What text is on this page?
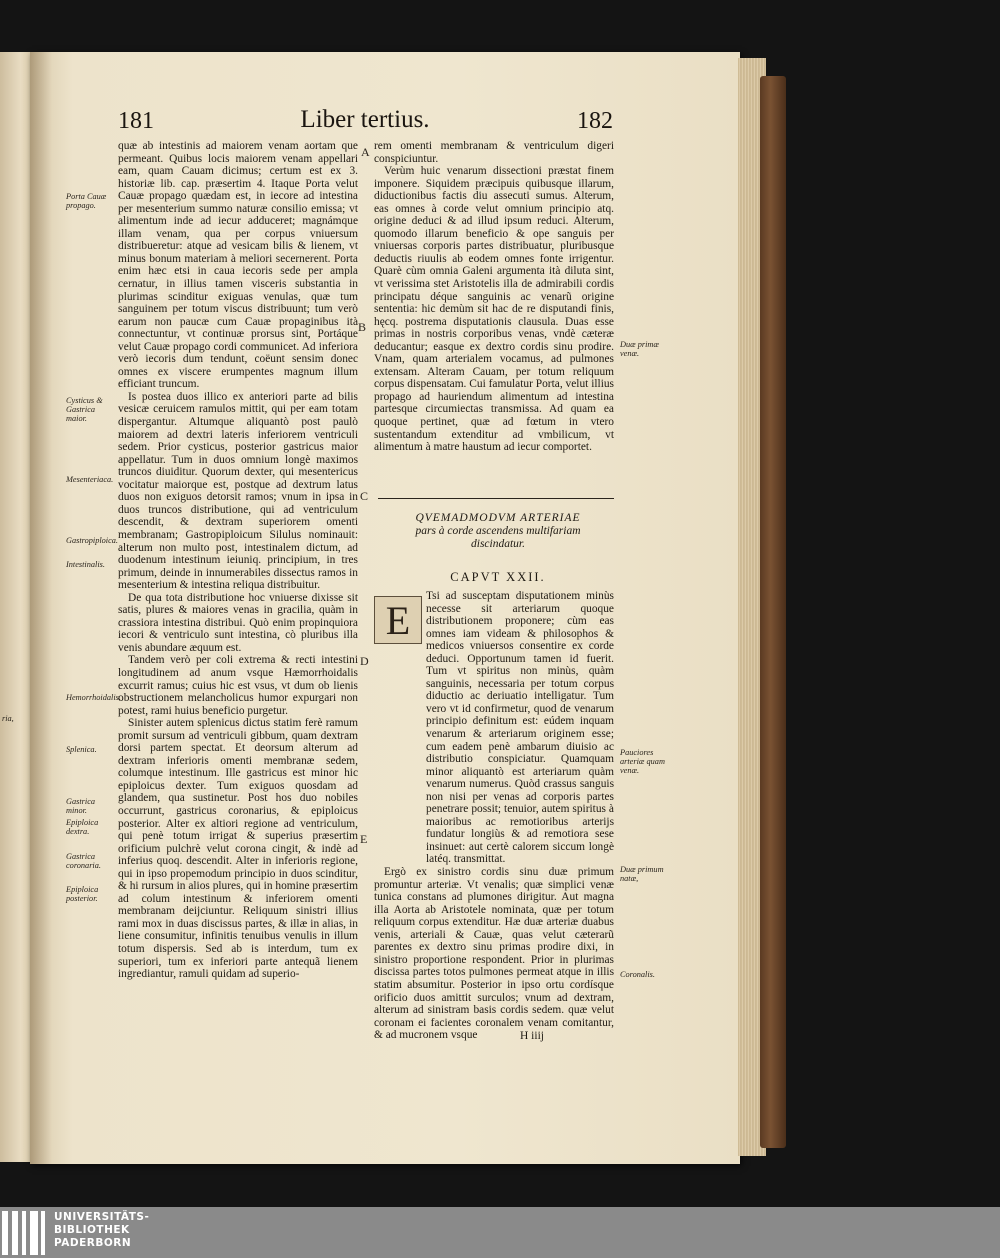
181	Liber tertius.	182

quæ ab intestinis ad maiorem venam aortam que permeant. Quibus locis maiorem venam appellari eam, quam Cauam dicimus; certum est ex 3. historiæ lib. cap. præsertim 4. Itaque Porta velut Cauæ propago quædam est, in iecore ad intestina per mesenterium summo naturæ consilio emissa; vt alimentum inde ad iecur adduceret; magnámque illam venam, qua per corpus vniuersum distribueretur: atque ad vesicam bilis & lienem, vt minus bonum materiam à meliori secernerent. Porta enim hæc etsi in caua iecoris sede per ampla cernatur, in illius tamen visceris substantia in plurimas scinditur exiguas venulas, quæ tum sanguinem per totum viscus distribuunt; tum verò earum non paucæ cum Cauæ propaginibus ità connectuntur, vt continuæ prorsus sint, Portáque velut Cauæ propago cordi communicet. Ad inferiora verò iecoris dum tendunt, coëunt sensim donec omnes ex viscere erumpentes magnum illum efficiant truncum.

Is postea duos illico ex anteriori parte ad bilis vesicæ ceruicem ramulos mittit, qui per eam totam dispergantur. Altumque aliquantò post paulò maiorem ad dextri lateris inferiorem ventriculi sedem. Prior cysticus, posterior gastricus maior appellatur. Tum in duos omnium longè maximos truncos diuiditur. Quorum dexter, qui mesentericus vocitatur maiorque est, postque ad dextrum latus duos non exiguos detorsit ramos; vnum in ipsa in duos truncos distributione, qui ad ventriculum descendit, & dextram superiorem omenti membranam; Gastropiploicum Silulus nominauit: alterum non multo post, intestinalem dictum, ad duodenum intestinum ieiuniq. principium, in tres primum, deinde in innumerabiles dissectus ramos in mesenterium & intestina reliqua distribuitur.

De qua tota distributione hoc vniuerse dixisse sit satis, plures & maiores venas in gracilia, quàm in crassiora intestina distribui. Quò enim propinquiora iecori & ventriculo sunt intestina, cò pluribus illa venis abundare æquum est.

Tandem verò per coli extrema & recti intestini longitudinem ad anum vsque Hæmorrhoidalis excurrit ramus; cuius hic est vsus, vt dum ob lienis obstructionem melancholicus humor expurgari non potest, rami huius beneficio purgetur.

Sinister autem splenicus dictus statim ferè ramum promit sursum ad ventriculi gibbum, quam dextram dorsi partem spectat. Et deorsum alterum ad dextram inferioris omenti membranæ sedem, columque intestinum. Ille gastricus est minor hic epiploicus dexter. Tum exiguos quosdam ad glandem, qua sustinetur. Post hos duo nobiles occurrunt, gastricus coronarius, & epiploicus posterior. Alter ex altiori regione ad ventriculum, qui penè totum irrigat & superius præsertim orificium pulchrè velut corona cingit, & indè ad inferius quoq. descendit. Alter in inferioris regione, qui in ipso propemodum principio in duos scinditur, & hi rursum in alios plures, qui in homine præsertim ad colum intestinum & inferiorem omenti membranam deijciuntur. Reliquum sinistri illius rami mox in duas discissus partes, & illæ in alias, in liene consumitur, infinitis tenuibus venulis in illum totum dispersis. Sed ab is interdum, tum ex superiori, tum ex inferiori parte antequã lienem ingrediantur, ramuli quidam ad superio-

ria,
Porta Cauæ propago.
Cysticus & Gastrica maior.
Mesenteriaca.
Gastropiploica.
Intestinalis.
Hemorrhoidalis.
Splenica.
Gastrica minor.
Epiploica dextra.
Gastrica coronaria.
Epiploica posterior.
A
B
C
D
E

rem omenti membranam & ventriculum digeri conspiciuntur.

Verùm huic venarum dissectioni præstat finem imponere. Siquidem præcipuis quibusque illarum, diductionibus factis diu assecuti sumus. Alterum, eas omnes à corde velut omnium principio atq. origine deduci & ad illud ipsum reduci. Alterum, quomodo illarum beneficio & ope sanguis per vniuersas corporis partes distribuatur, pluribusque deductis riuulis ab eodem omnes fonte irrigentur. Quarè cùm omnia Galeni argumenta ità diluta sint, vt verissima stet Aristotelis illa de admirabili cordis principatu déque sanguinis ac venarũ origine sententia: hic demùm sit hac de re disputandi finis, hęcq. postrema disputationis clausula. Duas esse primas in nostris corporibus venas, vndè cæteræ deducantur; easque ex dextro cordis sinu prodire. Vnam, quam arterialem vocamus, ad pulmones extensam. Alteram Cauam, per totum reliquum corpus dispensatam. Cui famulatur Porta, velut illius propago ad hauriendum alimentum ad intestina partesque circumiectas transmissa. Ad quam ea quoque pertinet, quæ ad fœtum in vtero sustentandum extenditur ad vmbilicum, vt alimentum à matre haustum ad iecur comportet.

QVEMADMODVM ARTERIAE
pars à corde ascendens multifariam
discindatur.
CAPVT XXII.
E

Tsi ad susceptam disputationem minùs necesse sit arteriarum quoque distributionem proponere; cùm eas omnes iam videam & philosophos & medicos vniuersos consentire ex corde deduci. Opportunum tamen id fuerit. Tum vt spiritus non minùs, quàm sanguinis, necessaria per totum corpus diductio ac deriuatio intelligatur. Tum vero vt id confirmetur, quod de venarum principio definitum est: eúdem inquam venarum & arteriarum originem esse; cum eadem penè ambarum diuisio ac distributio conspiciatur. Quamquam minor aliquantò est arteriarum quàm venarum numerus. Quòd crassus sanguis non nisi per venas ad corporis partes penetrare possit; tenuior, autem spiritus à maioribus ac remotioribus arterijs fundatur longiùs & ad remotiora sese insinuet: aut certè calorem siccum longè latéq. transmittat.

Ergò ex sinistro cordis sinu duæ primum promuntur arteriæ. Vt venalis; quæ simplici venæ tunica constans ad plumones dirigitur. Aut magna illa Aorta ab Aristotele nominata, quæ per totum reliquum corpus extenditur. Hæ duæ arteriæ duabus venis, arteriali & Cauæ, quas velut cæterarũ parentes ex dextro sinu primas prodire dixi, in sinistro proportione respondent. Prior in plurimas discissa partes totos pulmones permeat atque in illis statim absumitur. Posterior in ipso ortu cordísque orificio duos amittit surculos; vnum ad dextram, alterum ad sinistram basis cordis sedem. quæ velut coronam ei facientes coronalem venam comitantur, & ad mucronem vsque

Duæ primæ venæ.
Pauciores arteriæ quam venæ.
Duæ primum natæ,
Coronalis.
H iiij
UNIVERSITÄTS-
BIBLIOTHEK
PADERBORN
